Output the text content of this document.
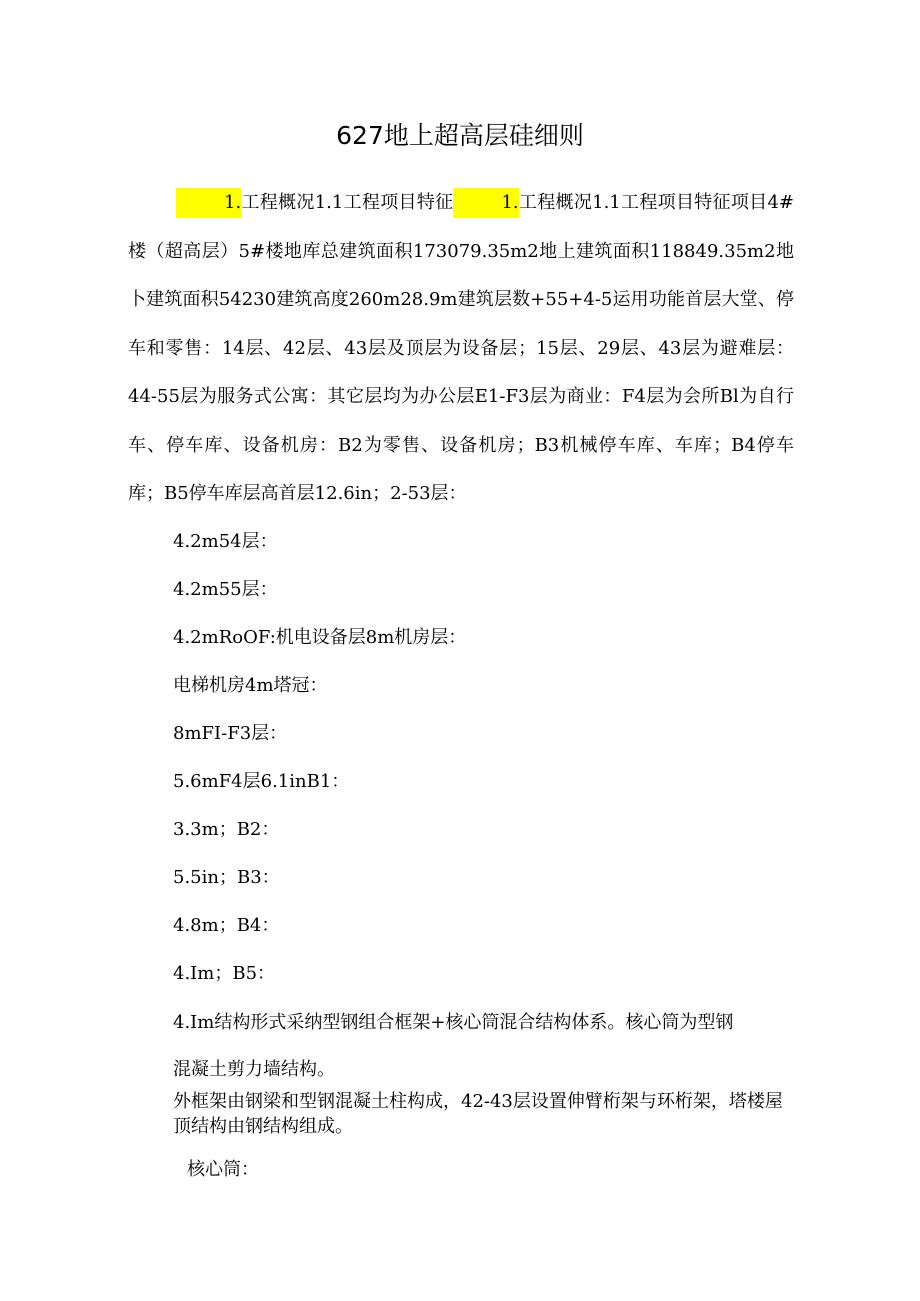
627地上超高层硅细则

1.工程概况1.1工程项目特征	1.工程概况1.1工程项目特征项目4#楼（超高层）5#楼地库总建筑面积173079.35m2地上建筑面积118849.35m2地卜建筑面积54230建筑高度260m28.9m建筑层数+55+4-5运用功能首层大堂、停车和零售：14层、42层、43层及顶层为设备层；15层、29层、43层为避难层：44-55层为服务式公寓：其它层均为办公层E1-F3层为商业：F4层为会所Bl为自行车、停车库、设备机房：B2为零售、设备机房；B3机械停车库、车库；B4停车库；B5停车库层高首层12.6in；2-53层：

4.2m54层：

4.2m55层：

4.2mRoOF:机电设备层8m机房层：

电梯机房4m塔冠：

8mFI-F3层：

5.6mF4层6.1inB1：

3.3m；B2：

5.5in；B3：

4.8m；B4：

4.Im；B5：

4.Im结构形式采纳型钢组合框架+核心筒混合结构体系。核心筒为型钢

混凝土剪力墙结构。

外框架由钢梁和型钢混凝土柱构成，42-43层设置伸臂桁架与环桁架，塔楼屋顶结构由钢结构组成。

核心筒：
